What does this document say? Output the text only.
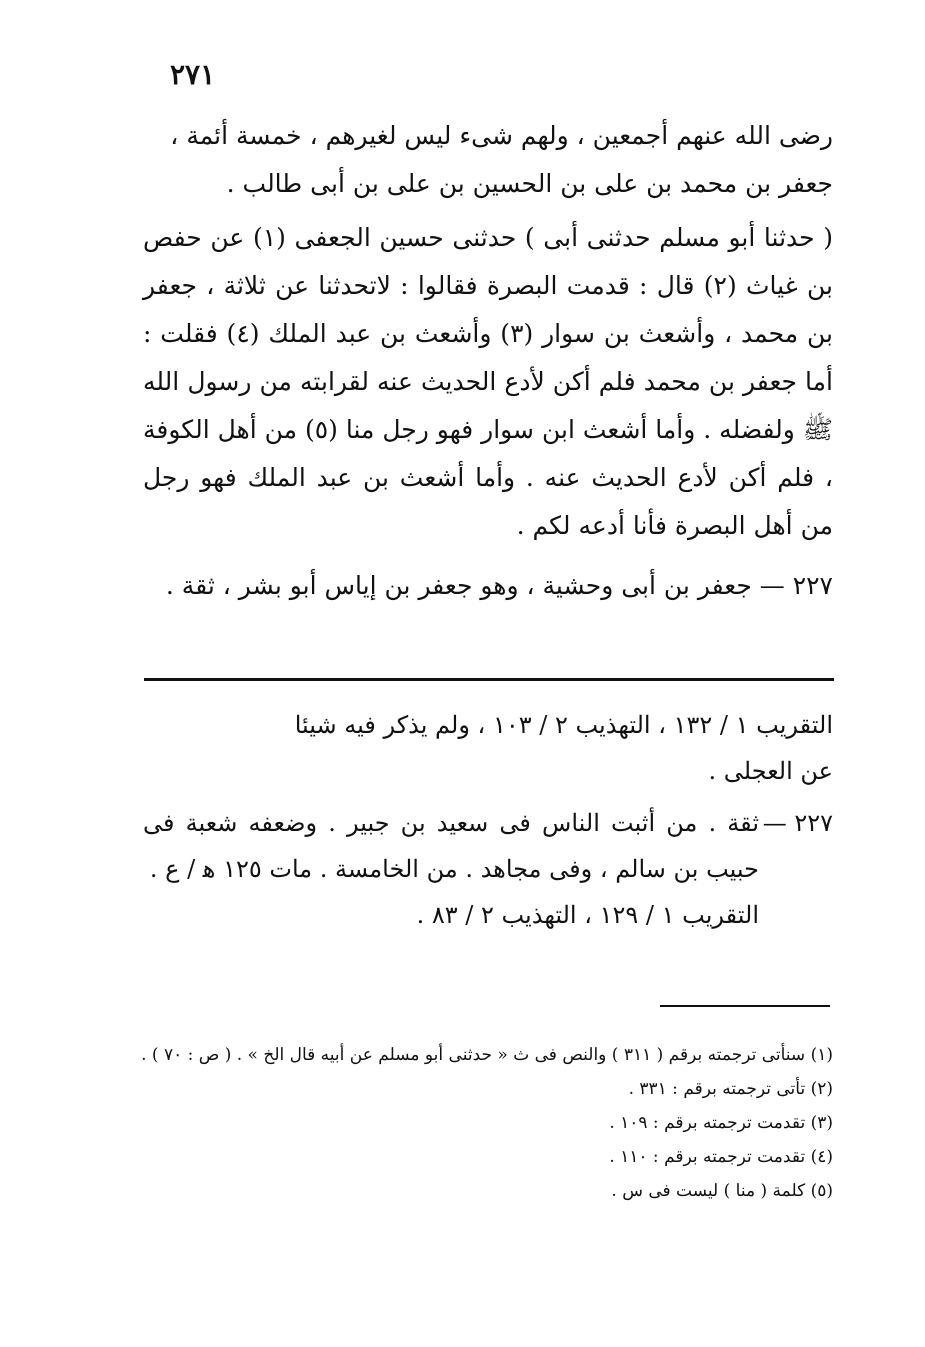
٢٧١

رضى الله عنهم أجمعين ، ولهم شىء ليس لغيرهم ، خمسة أئمة ،

جعفر بن محمد بن على بن الحسين بن على بن أبى طالب .

( حدثنا أبو مسلم حدثنى أبى ) حدثنى حسين الجعفى (١) عن حفص بن غياث (٢) قال : قدمت البصرة فقالوا : لاتحدثنا عن ثلاثة ، جعفر بن محمد ، وأشعث بن سوار (٣) وأشعث بن عبد الملك (٤) فقلت : أما جعفر بن محمد فلم أكن لأدع الحديث عنه لقرابته من رسول الله ﷺ ولفضله . وأما أشعث ابن سوار فهو رجل منا (٥) من أهل الكوفة ، فلم أكن لأدع الحديث عنه . وأما أشعث بن عبد الملك فهو رجل من أهل البصرة فأنا أدعه لكم .

٢٢٧ — جعفر بن أبى وحشية ، وهو جعفر بن إياس أبو بشر ، ثقة .

التقريب ١ / ١٣٢ ، التهذيب ٢ / ١٠٣ ، ولم يذكر فيه شيئا

عن العجلى .

٢٢٧ —

ثقة . من أثبت الناس فى سعيد بن جبير . وضعفه شعبة فى حبيب بن سالم ، وفى مجاهد . من الخامسة . مات ١٢٥ ﻫ / ع .

التقريب ١ / ١٢٩ ، التهذيب ٢ / ٨٣ .

(١) سنأتى ترجمته برقم ( ٣١١ ) والنص فى ث « حدثنى أبو مسلم عن أبيه قال الخ » . ( ص : ٧٠ ) .

(٢) تأتى ترجمته برقم : ٣٣١ .

(٣) تقدمت ترجمته برقم : ١٠٩ .

(٤) تقدمت ترجمته برقم : ١١٠ .

(٥) كلمة ( منا ) ليست فى س .
